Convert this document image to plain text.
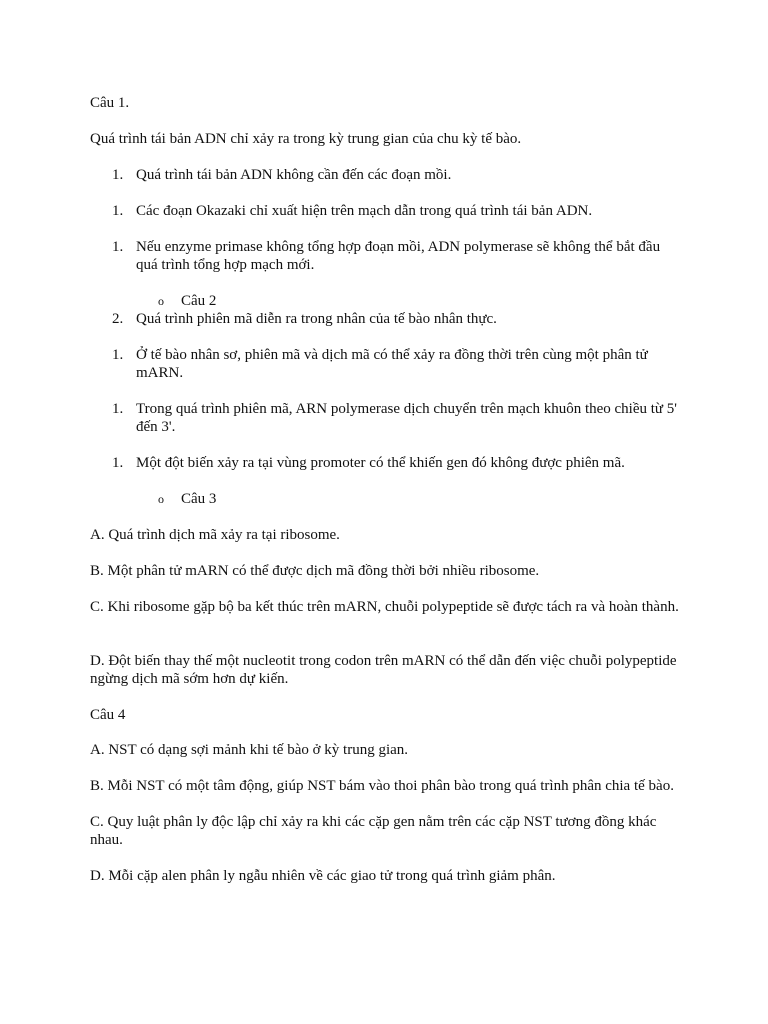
Câu 1.

Quá trình tái bản ADN chỉ xảy ra trong kỳ trung gian của chu kỳ tế bào.

1. Quá trình tái bản ADN không cần đến các đoạn mồi.
1. Các đoạn Okazaki chỉ xuất hiện trên mạch dẫn trong quá trình tái bản ADN.
1. Nếu enzyme primase không tổng hợp đoạn mồi, ADN polymerase sẽ không thể bắt đầu quá trình tổng hợp mạch mới.

o Câu 2

2. Quá trình phiên mã diễn ra trong nhân của tế bào nhân thực.
1. Ở tế bào nhân sơ, phiên mã và dịch mã có thể xảy ra đồng thời trên cùng một phân tử mARN.
1. Trong quá trình phiên mã, ARN polymerase dịch chuyển trên mạch khuôn theo chiều từ 5' đến 3'.
1. Một đột biến xảy ra tại vùng promoter có thể khiến gen đó không được phiên mã.

o Câu 3

A. Quá trình dịch mã xảy ra tại ribosome.

B. Một phân tử mARN có thể được dịch mã đồng thời bởi nhiều ribosome.

C. Khi ribosome gặp bộ ba kết thúc trên mARN, chuỗi polypeptide sẽ được tách ra và hoàn thành.

D. Đột biến thay thế một nucleotit trong codon trên mARN có thể dẫn đến việc chuỗi polypeptide ngừng dịch mã sớm hơn dự kiến.

Câu 4

A. NST có dạng sợi mảnh khi tế bào ở kỳ trung gian.

B. Mỗi NST có một tâm động, giúp NST bám vào thoi phân bào trong quá trình phân chia tế bào.

C. Quy luật phân ly độc lập chỉ xảy ra khi các cặp gen nằm trên các cặp NST tương đồng khác nhau.

D. Mỗi cặp alen phân ly ngẫu nhiên về các giao tử trong quá trình giảm phân.
